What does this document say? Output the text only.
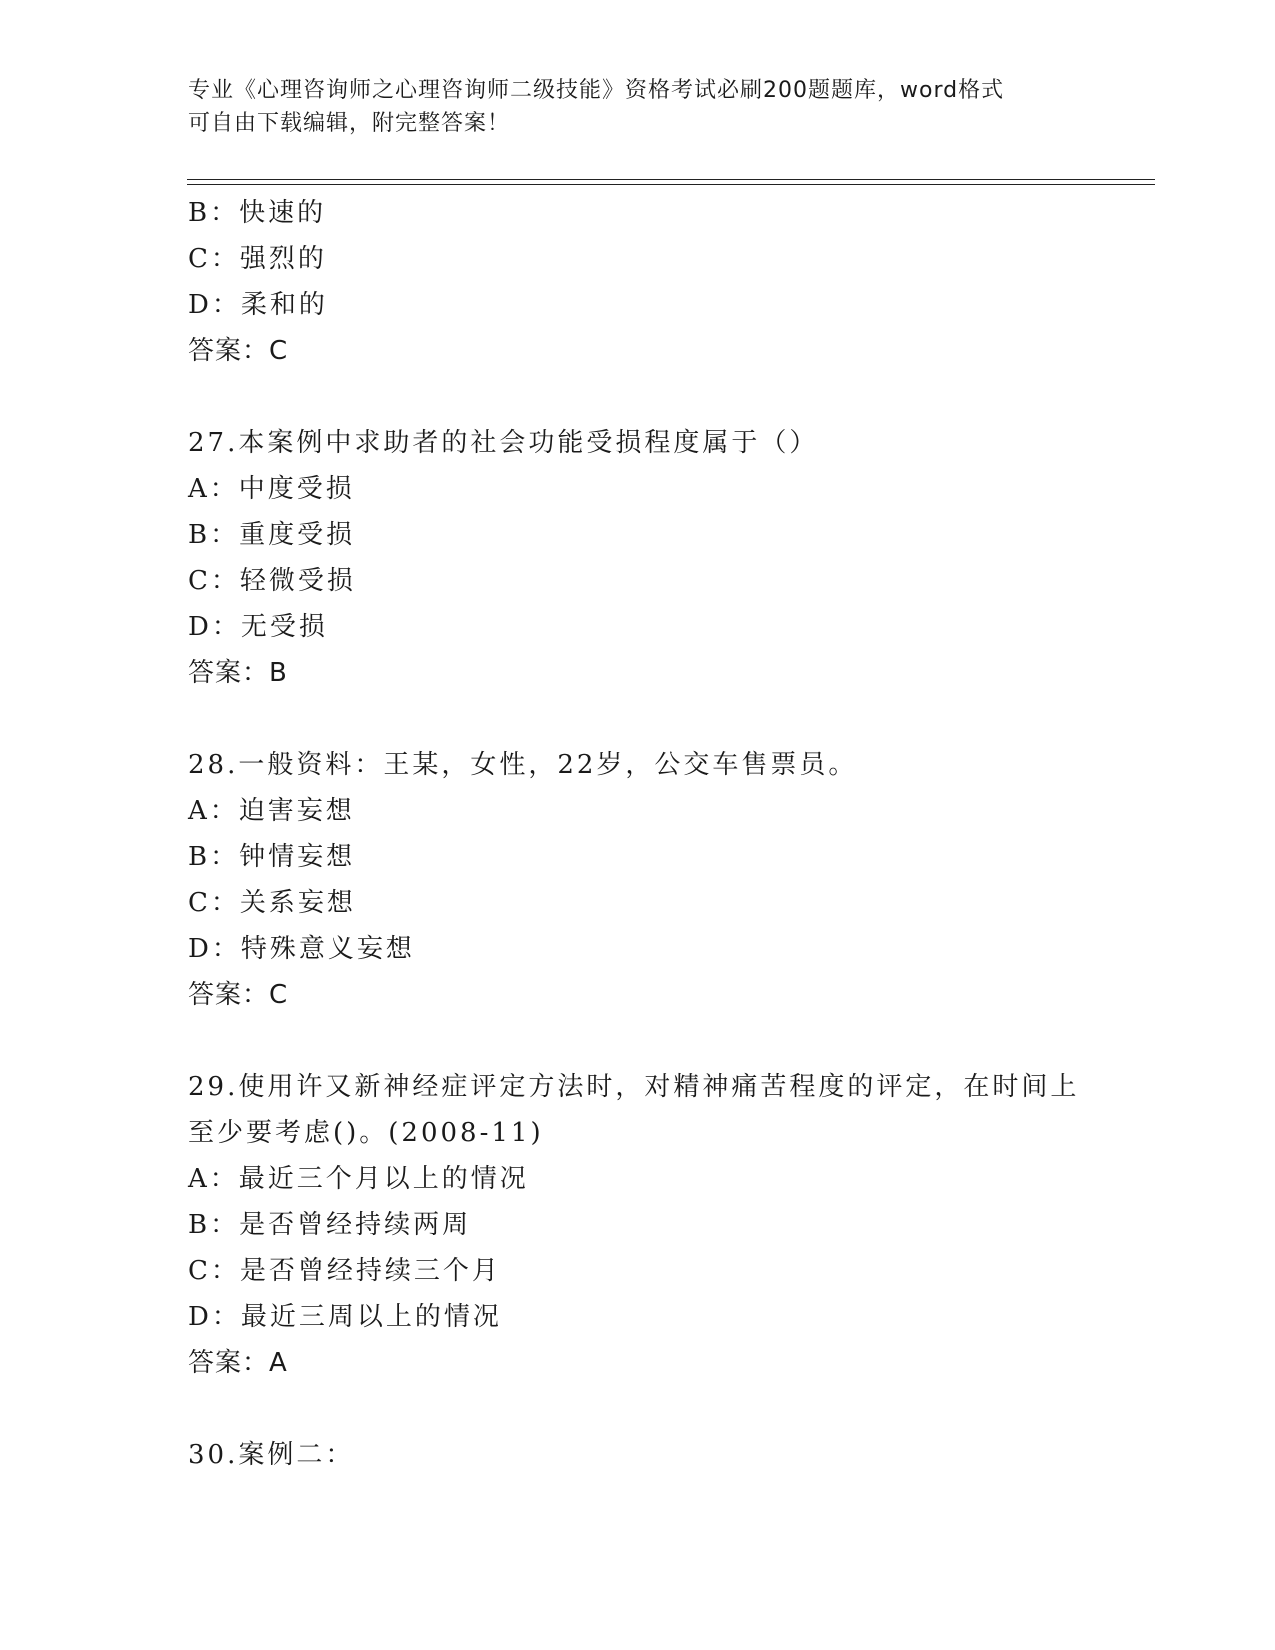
专业《心理咨询师之心理咨询师二级技能》资格考试必刷200题题库，word格式
可自由下载编辑，附完整答案！
B：快速的
C：强烈的
D：柔和的
答案：C
27.本案例中求助者的社会功能受损程度属于（）
A：中度受损
B：重度受损
C：轻微受损
D：无受损
答案：B
28.一般资料：王某，女性，22岁，公交车售票员。
A：迫害妄想
B：钟情妄想
C：关系妄想
D：特殊意义妄想
答案：C
29.使用许又新神经症评定方法时，对精神痛苦程度的评定，在时间上
至少要考虑()。(2008-11)
A：最近三个月以上的情况
B：是否曾经持续两周
C：是否曾经持续三个月
D：最近三周以上的情况
答案：A
30.案例二：
